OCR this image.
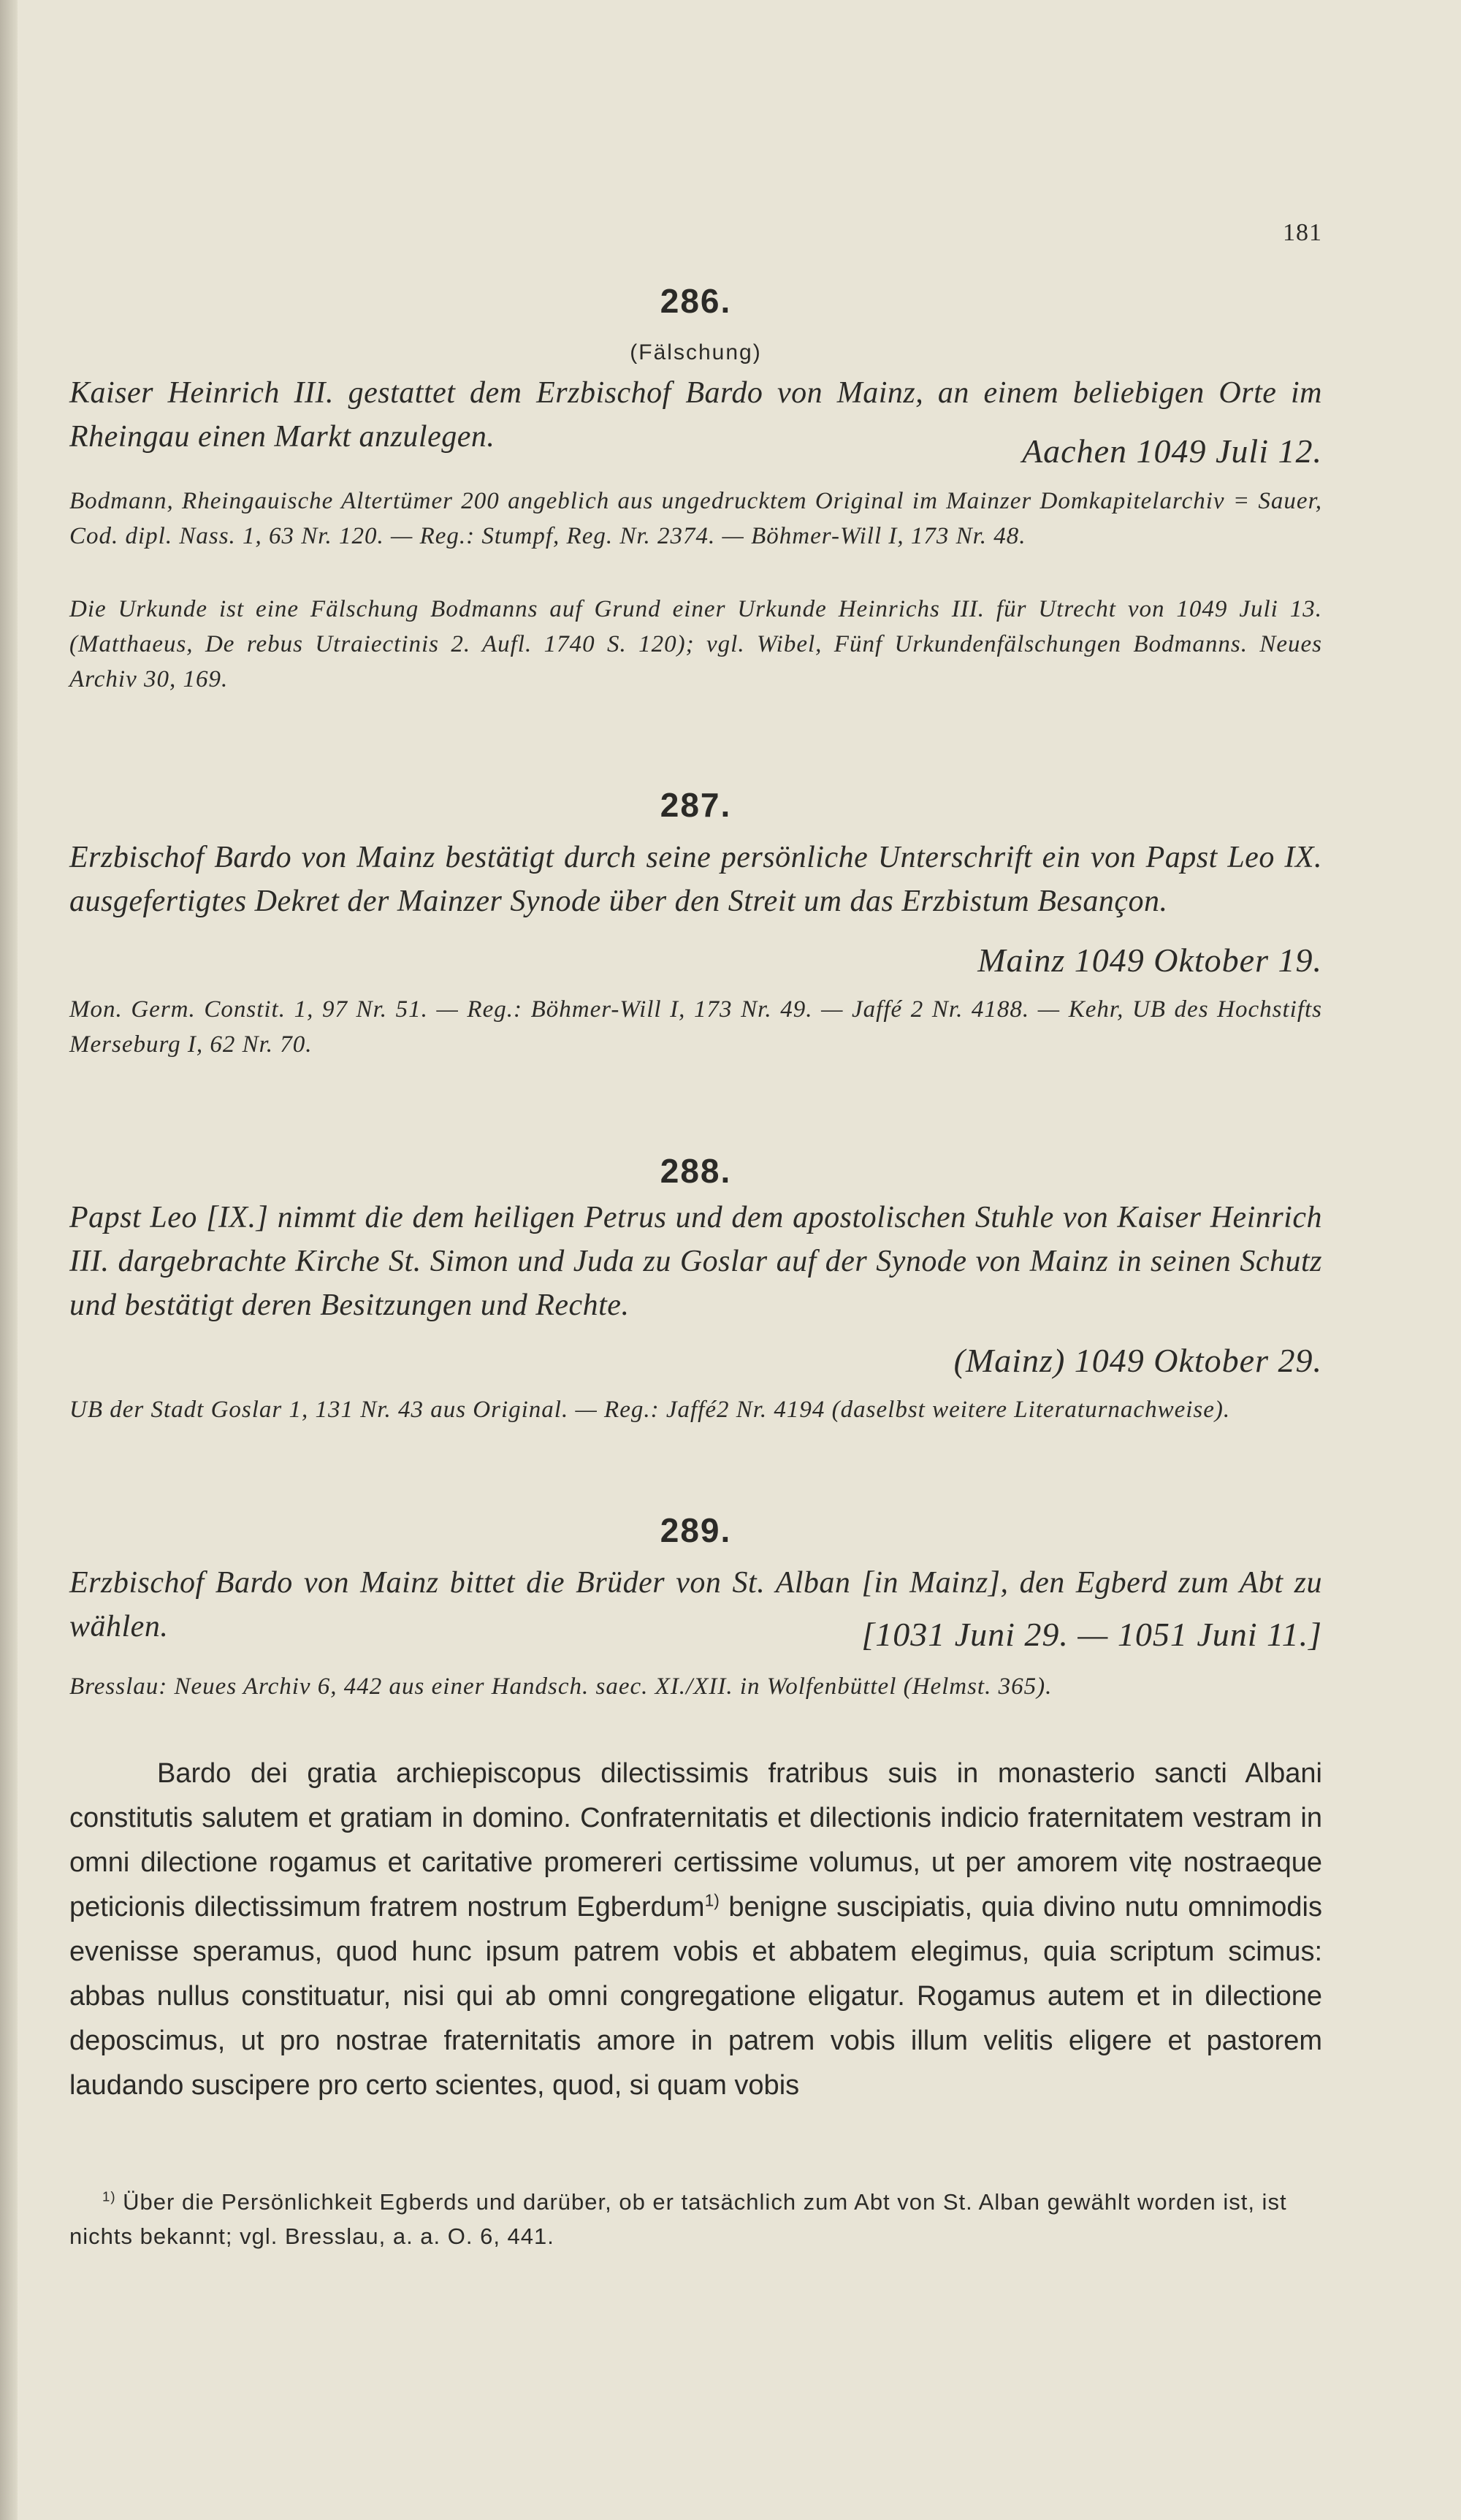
181
286.
(Fälschung)
Kaiser Heinrich III. gestattet dem Erzbischof Bardo von Mainz, an einem beliebigen Orte im Rheingau einen Markt anzulegen.	Aachen 1049 Juli 12.
Bodmann, Rheingauische Altertümer 200 angeblich aus ungedrucktem Original im Mainzer Domkapitelarchiv = Sauer, Cod. dipl. Nass. 1, 63 Nr. 120. — Reg.: Stumpf, Reg. Nr. 2374. — Böhmer-Will I, 173 Nr. 48.
Die Urkunde ist eine Fälschung Bodmanns auf Grund einer Urkunde Heinrichs III. für Utrecht von 1049 Juli 13. (Matthaeus, De rebus Utraiectinis 2. Aufl. 1740 S. 120); vgl. Wibel, Fünf Urkundenfälschungen Bodmanns. Neues Archiv 30, 169.
287.
Erzbischof Bardo von Mainz bestätigt durch seine persönliche Unterschrift ein von Papst Leo IX. ausgefertigtes Dekret der Mainzer Synode über den Streit um das Erzbistum Besançon.
Mainz 1049 Oktober 19.
Mon. Germ. Constit. 1, 97 Nr. 51. — Reg.: Böhmer-Will I, 173 Nr. 49. — Jaffé 2 Nr. 4188. — Kehr, UB des Hochstifts Merseburg I, 62 Nr. 70.
288.
Papst Leo [IX.] nimmt die dem heiligen Petrus und dem apostolischen Stuhle von Kaiser Heinrich III. dargebrachte Kirche St. Simon und Juda zu Goslar auf der Synode von Mainz in seinen Schutz und bestätigt deren Besitzungen und Rechte.
(Mainz) 1049 Oktober 29.
UB der Stadt Goslar 1, 131 Nr. 43 aus Original. — Reg.: Jaffé2 Nr. 4194 (daselbst weitere Literaturnachweise).
289.
Erzbischof Bardo von Mainz bittet die Brüder von St. Alban [in Mainz], den Egberd zum Abt zu wählen.	[1031 Juni 29. — 1051 Juni 11.]
Bresslau: Neues Archiv 6, 442 aus einer Handsch. saec. XI./XII. in Wolfenbüttel (Helmst. 365).
Bardo dei gratia archiepiscopus dilectissimis fratribus suis in monasterio sancti Albani constitutis salutem et gratiam in domino. Confraternitatis et dilectionis indicio fraternitatem vestram in omni dilectione rogamus et caritative promereri certissime volumus, ut per amorem vitę nostraeque peticionis dilectissimum fratrem nostrum Egberdum$^{1)}$ benigne suscipiatis, quia divino nutu omnimodis evenisse speramus, quod hunc ipsum patrem vobis et abbatem elegimus, quia scriptum scimus: abbas nullus constituatur, nisi qui ab omni congregatione eligatur. Rogamus autem et in dilectione deposcimus, ut pro nostrae fraternitatis amore in patrem vobis illum velitis eligere et pastorem laudando suscipere pro certo scientes, quod, si quam vobis
$^{1)}$ Über die Persönlichkeit Egberds und darüber, ob er tatsächlich zum Abt von St. Alban gewählt worden ist, ist nichts bekannt; vgl. Bresslau, a. a. O. 6, 441.
